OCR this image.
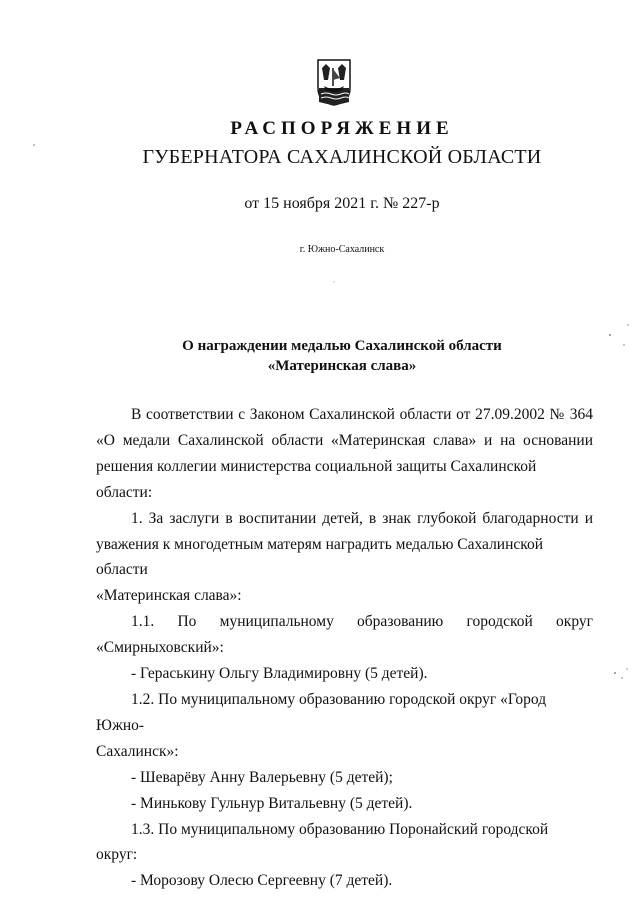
РАСПОРЯЖЕНИЕ
ГУБЕРНАТОРА САХАЛИНСКОЙ ОБЛАСТИ
от 15 ноября 2021 г. № 227-р
г. Южно-Сахалинск
О награждении медалью Сахалинской области
«Материнская слава»

В соответствии с Законом Сахалинской области от 27.09.2002 № 364

«О медали Сахалинской области «Материнская слава» и на основании

решения коллегии министерства социальной защиты Сахалинской области:

1. За заслуги в воспитании детей, в знак глубокой благодарности и

уважения к многодетным матерям наградить медалью Сахалинской области

«Материнская слава»:

1.1. По муниципальному образованию городской округ

«Смирныховский»:

- Гераськину Ольгу Владимировну (5 детей).

1.2. По муниципальному образованию городской округ «Город Южно-

Сахалинск»:

- Шеварёву Анну Валерьевну (5 детей);

- Минькову Гульнур Витальевну (5 детей).

1.3. По муниципальному образованию Поронайский городской округ:

- Морозову Олесю Сергеевну (7 детей).
